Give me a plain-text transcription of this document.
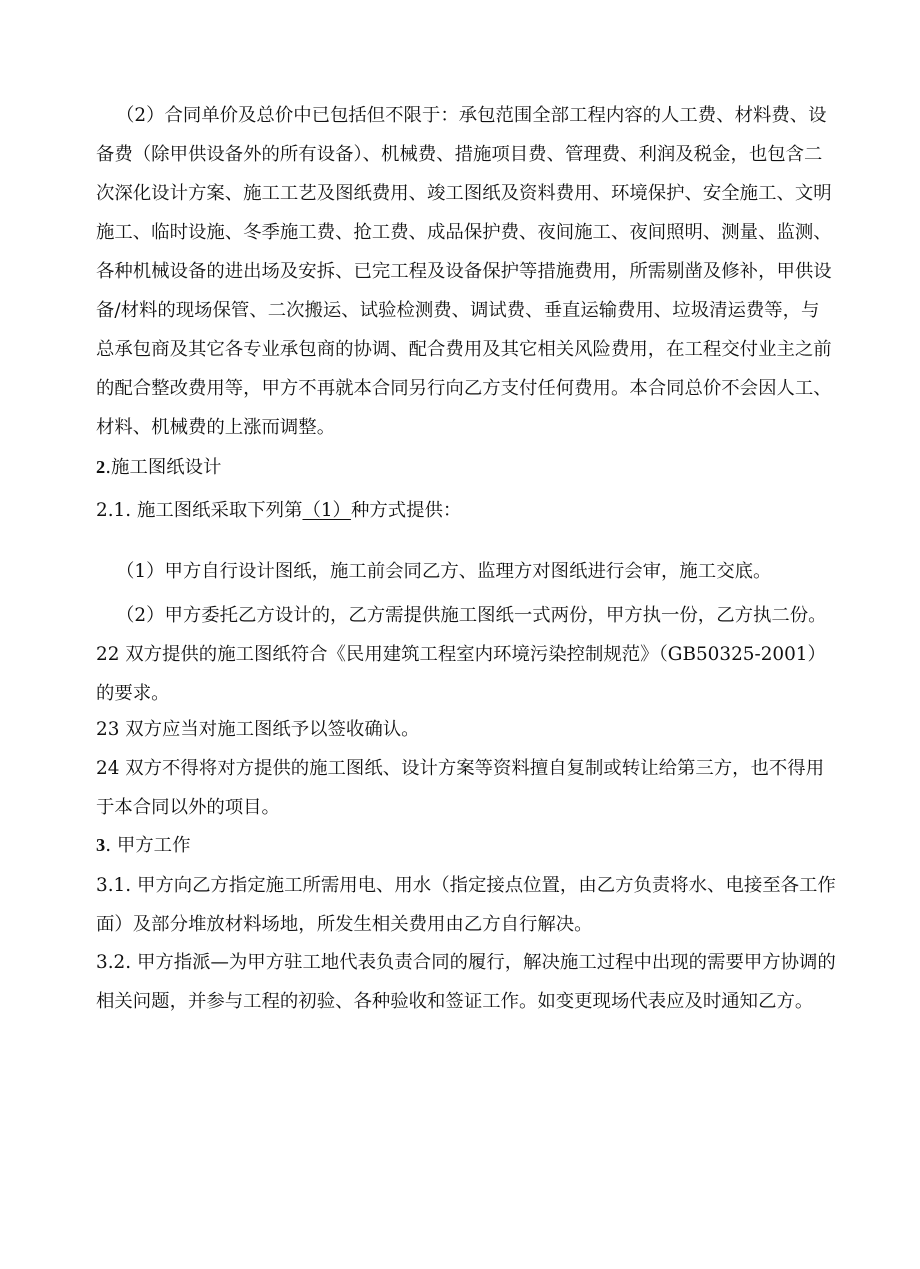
（2）合同单价及总价中已包括但不限于：承包范围全部工程内容的人工费、材料费、设备费（除甲供设备外的所有设备）、机械费、措施项目费、管理费、利润及税金，也包含二次深化设计方案、施工工艺及图纸费用、竣工图纸及资料费用、环境保护、安全施工、文明施工、临时设施、冬季施工费、抢工费、成品保护费、夜间施工、夜间照明、测量、监测、各种机械设备的进出场及安拆、已完工程及设备保护等措施费用，所需剔凿及修补，甲供设备/材料的现场保管、二次搬运、试验检测费、调试费、垂直运输费用、垃圾清运费等，与总承包商及其它各专业承包商的协调、配合费用及其它相关风险费用，在工程交付业主之前的配合整改费用等，甲方不再就本合同另行向乙方支付任何费用。本合同总价不会因人工、材料、机械费的上涨而调整。

2.施工图纸设计

2.1. 施工图纸采取下列第（1）种方式提供：

（1）甲方自行设计图纸，施工前会同乙方、监理方对图纸进行会审，施工交底。

（2）甲方委托乙方设计的，乙方需提供施工图纸一式两份，甲方执一份，乙方执二份。

22 双方提供的施工图纸符合《民用建筑工程室内环境污染控制规范》（GB50325-2001）的要求。

23 双方应当对施工图纸予以签收确认。

24 双方不得将对方提供的施工图纸、设计方案等资料擅自复制或转让给第三方，也不得用于本合同以外的项目。

3. 甲方工作

3.1. 甲方向乙方指定施工所需用电、用水（指定接点位置，由乙方负责将水、电接至各工作面）及部分堆放材料场地，所发生相关费用由乙方自行解决。

3.2. 甲方指派—为甲方驻工地代表负责合同的履行，解决施工过程中出现的需要甲方协调的相关问题，并参与工程的初验、各种验收和签证工作。如变更现场代表应及时通知乙方。
